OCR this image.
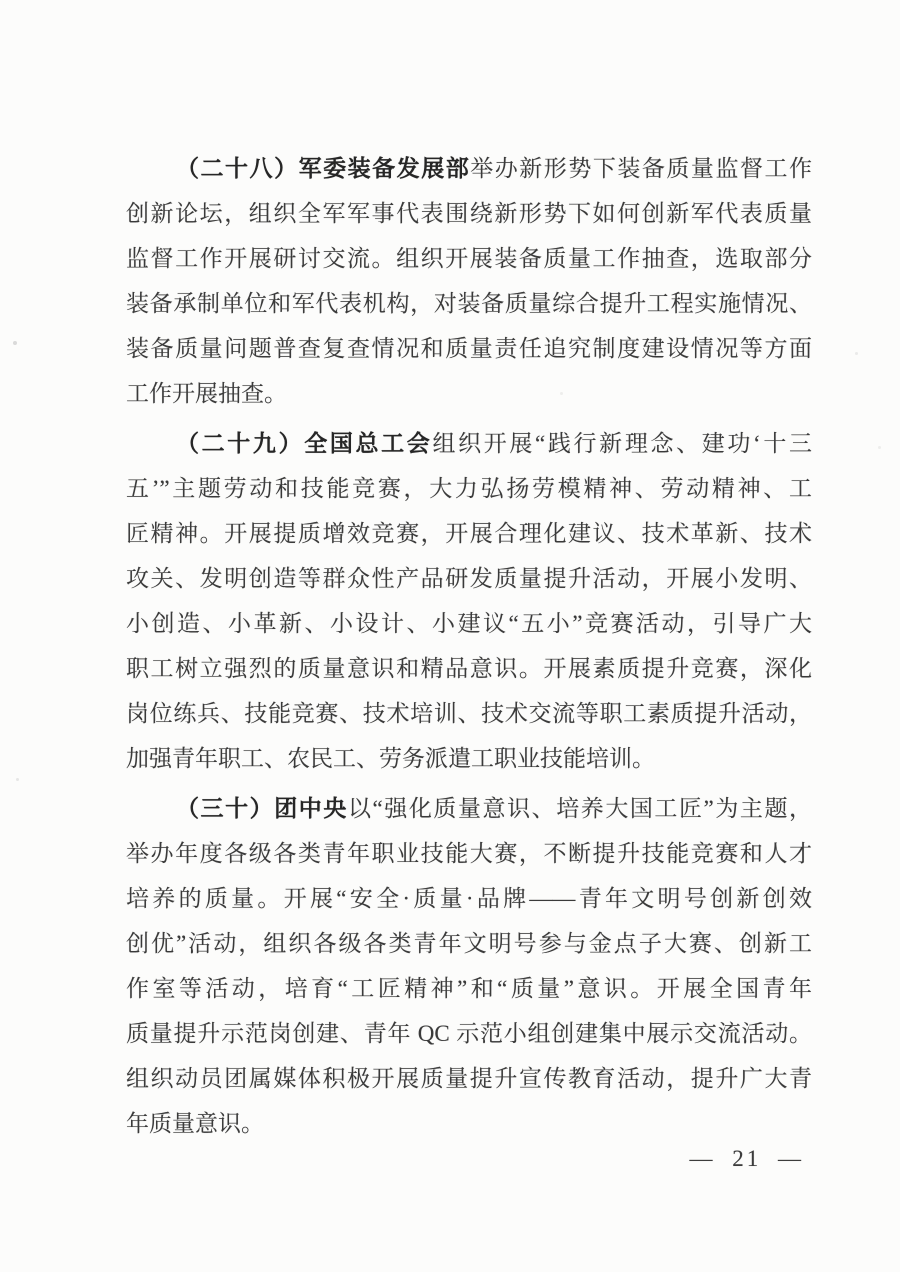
（二十八）军委装备发展部举办新形势下装备质量监督工作
创新论坛，组织全军军事代表围绕新形势下如何创新军代表质量
监督工作开展研讨交流。组织开展装备质量工作抽查，选取部分
装备承制单位和军代表机构，对装备质量综合提升工程实施情况、
装备质量问题普查复查情况和质量责任追究制度建设情况等方面
工作开展抽查。
（二十九）全国总工会组织开展“践行新理念、建功‘十三
五’”主题劳动和技能竞赛，大力弘扬劳模精神、劳动精神、工
匠精神。开展提质增效竞赛，开展合理化建议、技术革新、技术
攻关、发明创造等群众性产品研发质量提升活动，开展小发明、
小创造、小革新、小设计、小建议“五小”竞赛活动，引导广大
职工树立强烈的质量意识和精品意识。开展素质提升竞赛，深化
岗位练兵、技能竞赛、技术培训、技术交流等职工素质提升活动，
加强青年职工、农民工、劳务派遣工职业技能培训。
（三十）团中央以“强化质量意识、培养大国工匠”为主题，
举办年度各级各类青年职业技能大赛，不断提升技能竞赛和人才
培养的质量。开展“安全·质量·品牌——青年文明号创新创效
创优”活动，组织各级各类青年文明号参与金点子大赛、创新工
作室等活动，培育“工匠精神”和“质量”意识。开展全国青年
质量提升示范岗创建、青年 QC 示范小组创建集中展示交流活动。
组织动员团属媒体积极开展质量提升宣传教育活动，提升广大青
年质量意识。
— 21 —
